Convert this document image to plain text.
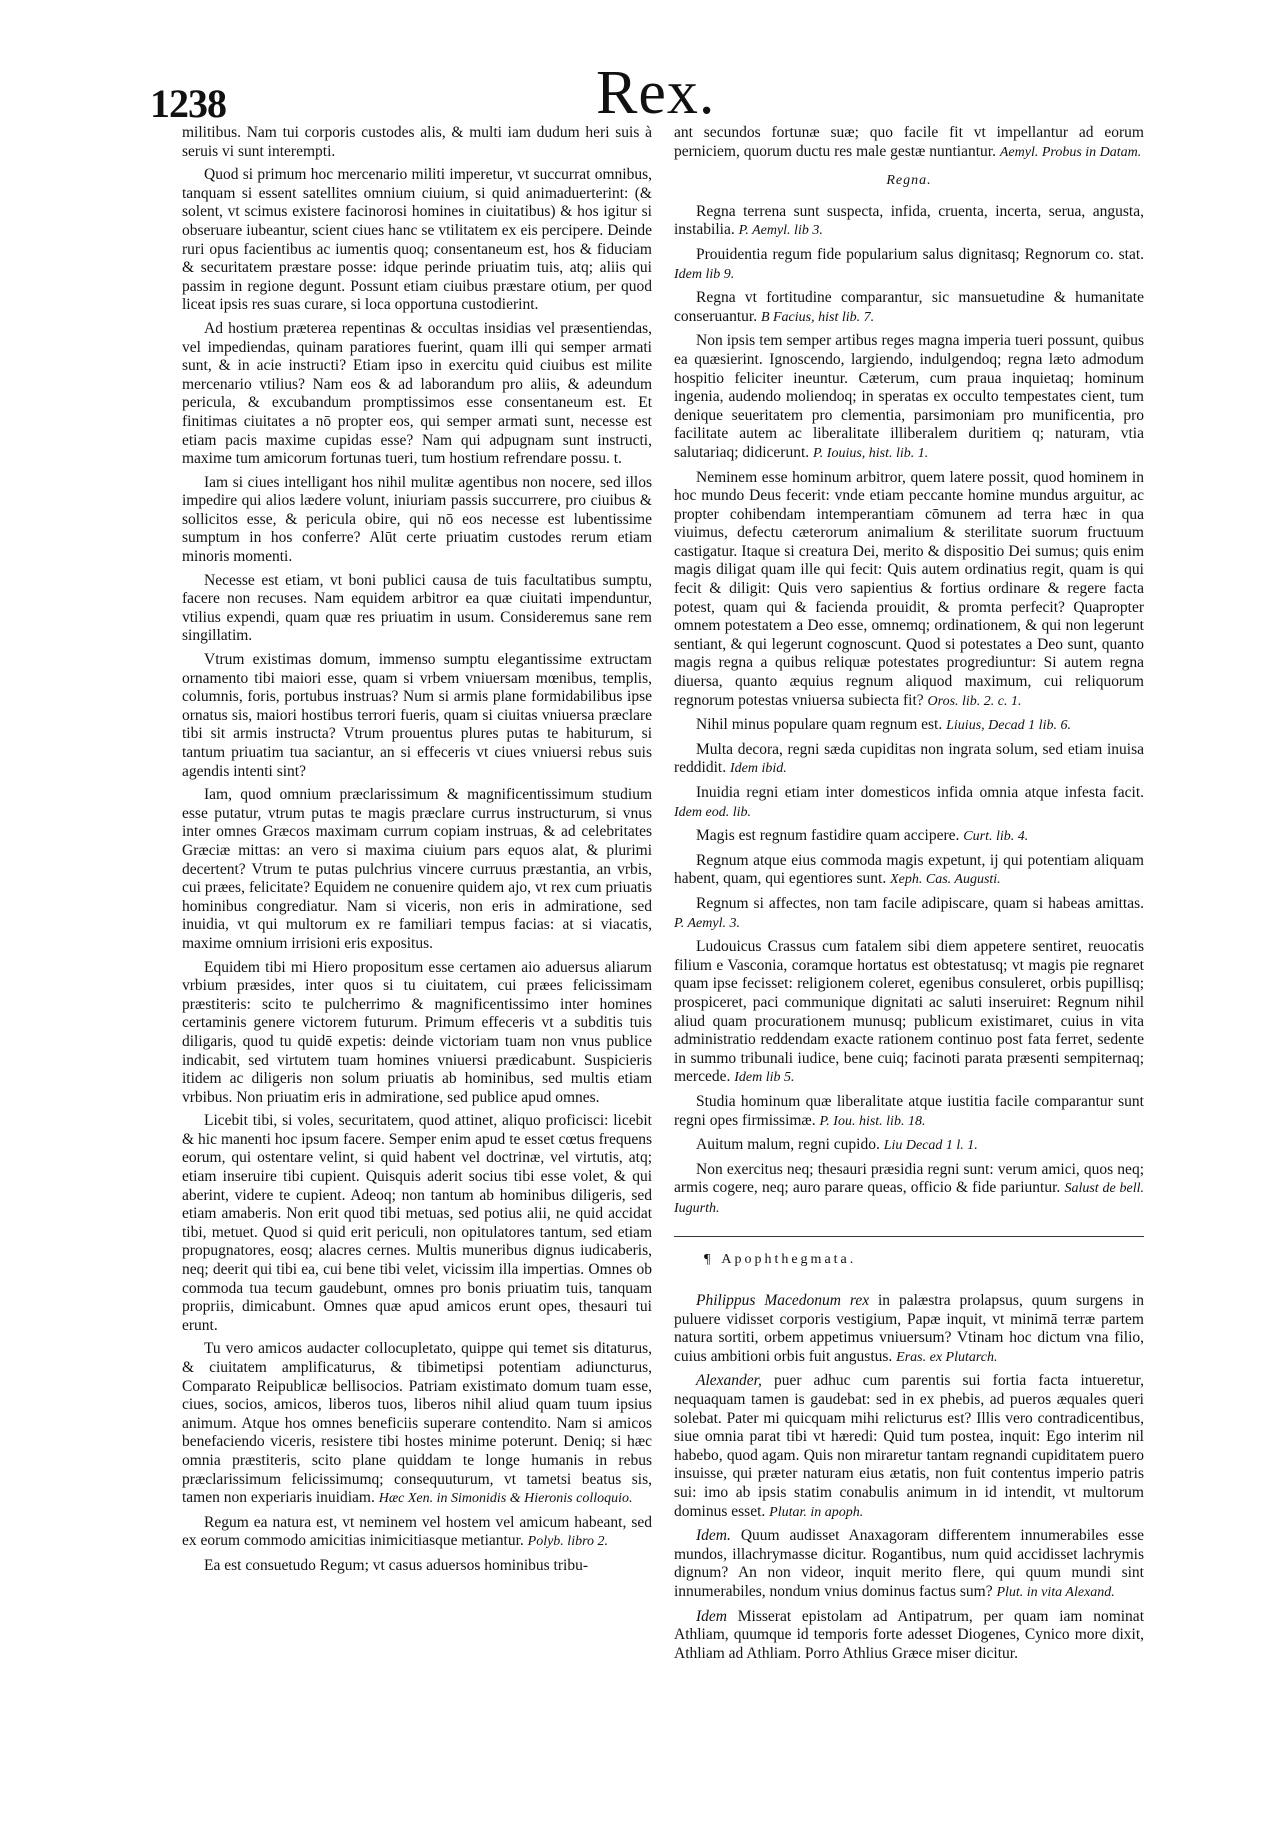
1238	Rex.

militibus. Nam tui corporis custodes alis, & multi iam dudum heri suis à seruis vi sunt interempti.

Quod si primum hoc mercenario militi imperetur, vt succurrat omnibus, tanquam si essent satellites omnium ciuium, si quid animaduerterint: (& solent, vt scimus existere facinorosi homines in ciuitatibus) & hos igitur si obseruare iubeantur, scient ciues hanc se vtilitatem ex eis percipere. Deinde ruri opus facientibus ac iumentis quoq; consentaneum est, hos & fiduciam & securitatem præstare posse: idque perinde priuatim tuis, atq; aliis qui passim in regione degunt. Possunt etiam ciuibus præstare otium, per quod liceat ipsis res suas curare, si loca opportuna custodierint.

Ad hostium præterea repentinas & occultas insidias vel præsentiendas, vel impediendas, quinam paratiores fuerint, quam illi qui semper armati sunt, & in acie instructi? Etiam ipso in exercitu quid ciuibus est milite mercenario vtilius? Nam eos & ad laborandum pro aliis, & adeundum pericula, & excubandum promptissimos esse consentaneum est. Et finitimas ciuitates a nō propter eos, qui semper armati sunt, necesse est etiam pacis maxime cupidas esse? Nam qui adpugnam sunt instructi, maxime tum amicorum fortunas tueri, tum hostium refrendare possu. t.

Iam si ciues intelligant hos nihil mulitæ agentibus non nocere, sed illos impedire qui alios lædere volunt, iniuriam passis succurrere, pro ciuibus & sollicitos esse, & pericula obire, qui nō eos necesse est lubentissime sumptum in hos conferre? Alūt certe priuatim custodes rerum etiam minoris momenti.

Necesse est etiam, vt boni publici causa de tuis facultatibus sumptu, facere non recuses. Nam equidem arbitror ea quæ ciuitati impenduntur, vtilius expendi, quam quæ res priuatim in usum. Consideremus sane rem singillatim.

Vtrum existimas domum, immenso sumptu elegantissime extructam ornamento tibi maiori esse, quam si vrbem vniuersam mœnibus, templis, columnis, foris, portubus instruas? Num si armis plane formidabilibus ipse ornatus sis, maiori hostibus terrori fueris, quam si ciuitas vniuersa præclare tibi sit armis instructa? Vtrum prouentus plures putas te habiturum, si tantum priuatim tua saciantur, an si effeceris vt ciues vniuersi rebus suis agendis intenti sint?

Iam, quod omnium præclarissimum & magnificentissimum studium esse putatur, vtrum putas te magis præclare currus instructurum, si vnus inter omnes Græcos maximam currum copiam instruas, & ad celebritates Græciæ mittas: an vero si maxima ciuium pars equos alat, & plurimi decertent? Vtrum te putas pulchrius vincere curruus præstantia, an vrbis, cui præes, felicitate? Equidem ne conuenire quidem ajo, vt rex cum priuatis hominibus congrediatur. Nam si viceris, non eris in admiratione, sed inuidia, vt qui multorum ex re familiari tempus facias: at si viacatis, maxime omnium irrisioni eris expositus.

Equidem tibi mi Hiero propositum esse certamen aio aduersus aliarum vrbium præsides, inter quos si tu ciuitatem, cui præes felicissimam præstiteris: scito te pulcherrimo & magnificentissimo inter homines certaminis genere victorem futurum. Primum effeceris vt a subditis tuis diligaris, quod tu quidē expetis: deinde victoriam tuam non vnus publice indicabit, sed virtutem tuam homines vniuersi prædicabunt. Suspicieris itidem ac diligeris non solum priuatis ab hominibus, sed multis etiam vrbibus. Non priuatim eris in admiratione, sed publice apud omnes.

Licebit tibi, si voles, securitatem, quod attinet, aliquo proficisci: licebit & hic manenti hoc ipsum facere. Semper enim apud te esset cœtus frequens eorum, qui ostentare velint, si quid habent vel doctrinæ, vel virtutis, atq; etiam inseruire tibi cupient. Quisquis aderit socius tibi esse volet, & qui aberint, videre te cupient. Adeoq; non tantum ab hominibus diligeris, sed etiam amaberis. Non erit quod tibi metuas, sed potius alii, ne quid accidat tibi, metuet. Quod si quid erit periculi, non opitulatores tantum, sed etiam propugnatores, eosq; alacres cernes. Multis muneribus dignus iudicaberis, neq; deerit qui tibi ea, cui bene tibi velet, vicissim illa impertias. Omnes ob commoda tua tecum gaudebunt, omnes pro bonis priuatim tuis, tanquam propriis, dimicabunt. Omnes quæ apud amicos erunt opes, thesauri tui erunt.

Tu vero amicos audacter collocupletato, quippe qui temet sis ditaturus, & ciuitatem amplificaturus, & tibimetipsi potentiam adiuncturus, Comparato Reipublicæ bellisocios. Patriam existimato domum tuam esse, ciues, socios, amicos, liberos tuos, liberos nihil aliud quam tuum ipsius animum. Atque hos omnes beneficiis superare contendito. Nam si amicos benefaciendo viceris, resistere tibi hostes minime poterunt. Deniq; si hæc omnia præstiteris, scito plane quiddam te longe humanis in rebus præclarissimum felicissimumq; consequuturum, vt tametsi beatus sis, tamen non experiaris inuidiam. Hæc Xen. in Simonidis & Hieronis colloquio.

Regum ea natura est, vt neminem vel hostem vel amicum habeant, sed ex eorum commodo amicitias inimicitiasque metiantur. Polyb. libro 2.

Ea est consuetudo Regum; vt casus aduersos hominibus tribu-

ant secundos fortunæ suæ; quo facile fit vt impellantur ad eorum perniciem, quorum ductu res male gestæ nuntiantur. Aemyl. Probus in Datam.

Regna.

Regna terrena sunt suspecta, infida, cruenta, incerta, serua, angusta, instabilia. P. Aemyl. lib 3.

Prouidentia regum fide popularium salus dignitasq; Regnorum co. stat. Idem lib 9.

Regna vt fortitudine comparantur, sic mansuetudine & humanitate conseruantur. B Facius, hist lib. 7.

Non ipsis tem semper artibus reges magna imperia tueri possunt, quibus ea quæsierint. Ignoscendo, largiendo, indulgendoq; regna læto admodum hospitio feliciter ineuntur. Cæterum, cum praua inquietaq; hominum ingenia, audendo moliendoq; in speratas ex occulto tempestates cient, tum denique seueritatem pro clementia, parsimoniam pro munificentia, pro facilitate autem ac liberalitate illiberalem duritiem q; naturam, vtia salutariaq; didicerunt. P. Iouius, hist. lib. 1.

Neminem esse hominum arbitror, quem latere possit, quod hominem in hoc mundo Deus fecerit: vnde etiam peccante homine mundus arguitur, ac propter cohibendam intemperantiam cōmunem ad terra hæc in qua viuimus, defectu cæterorum animalium & sterilitate suorum fructuum castigatur. Itaque si creatura Dei, merito & dispositio Dei sumus; quis enim magis diligat quam ille qui fecit: Quis autem ordinatius regit, quam is qui fecit & diligit: Quis vero sapientius & fortius ordinare & regere facta potest, quam qui & facienda prouidit, & promta perfecit? Quapropter omnem potestatem a Deo esse, omnemq; ordinationem, & qui non legerunt sentiant, & qui legerunt cognoscunt. Quod si potestates a Deo sunt, quanto magis regna a quibus reliquæ potestates progrediuntur: Si autem regna diuersa, quanto æquius regnum aliquod maximum, cui reliquorum regnorum potestas vniuersa subiecta fit? Oros. lib. 2. c. 1.

Nihil minus populare quam regnum est. Liuius, Decad 1 lib. 6.

Multa decora, regni sæda cupiditas non ingrata solum, sed etiam inuisa reddidit. Idem ibid.

Inuidia regni etiam inter domesticos infida omnia atque infesta facit. Idem eod. lib.

Magis est regnum fastidire quam accipere. Curt. lib. 4.

Regnum atque eius commoda magis expetunt, ij qui potentiam aliquam habent, quam, qui egentiores sunt. Xeph. Cas. Augusti.

Regnum si affectes, non tam facile adipiscare, quam si habeas amittas. P. Aemyl. 3.

Ludouicus Crassus cum fatalem sibi diem appetere sentiret, reuocatis filium e Vasconia, coramque hortatus est obtestatusq; vt magis pie regnaret quam ipse fecisset: religionem coleret, egenibus consuleret, orbis pupillisq; prospiceret, paci communique dignitati ac saluti inseruiret: Regnum nihil aliud quam procurationem munusq; publicum existimaret, cuius in vita administratio reddendam exacte rationem continuo post fata ferret, sedente in summo tribunali iudice, bene cuiq; facinoti parata præsenti sempiternaq; mercede. Idem lib 5.

Studia hominum quæ liberalitate atque iustitia facile comparantur sunt regni opes firmissimæ. P. Iou. hist. lib. 18.

Auitum malum, regni cupido. Liu Decad 1 l. 1.

Non exercitus neq; thesauri præsidia regni sunt: verum amici, quos neq; armis cogere, neq; auro parare queas, officio & fide pariuntur. Salust de bell. Iugurth.

¶ Apophthegmata.

Philippus Macedonum rex in palæstra prolapsus, quum surgens in puluere vidisset corporis vestigium, Papæ inquit, vt minimā terræ partem natura sortiti, orbem appetimus vniuersum? Vtinam hoc dictum vna filio, cuius ambitioni orbis fuit angustus. Eras. ex Plutarch.

Alexander, puer adhuc cum parentis sui fortia facta intueretur, nequaquam tamen is gaudebat: sed in ex phebis, ad pueros æquales queri solebat. Pater mi quicquam mihi relicturus est? Illis vero contradicentibus, siue omnia parat tibi vt hæredi: Quid tum postea, inquit: Ego interim nil habebo, quod agam. Quis non miraretur tantam regnandi cupiditatem puero insuisse, qui præter naturam eius ætatis, non fuit contentus imperio patris sui: imo ab ipsis statim conabulis animum in id intendit, vt multorum dominus esset. Plutar. in apoph.

Idem. Quum audisset Anaxagoram differentem innumerabiles esse mundos, illachrymasse dicitur. Rogantibus, num quid accidisset lachrymis dignum? An non videor, inquit merito flere, qui quum mundi sint innumerabiles, nondum vnius dominus factus sum? Plut. in vita Alexand.

Idem Misserat epistolam ad Antipatrum, per quam iam nominat Athliam, quumque id temporis forte adesset Diogenes, Cynico more dixit, Athliam ad Athliam. Porro Athlius Græce miser dicitur.
